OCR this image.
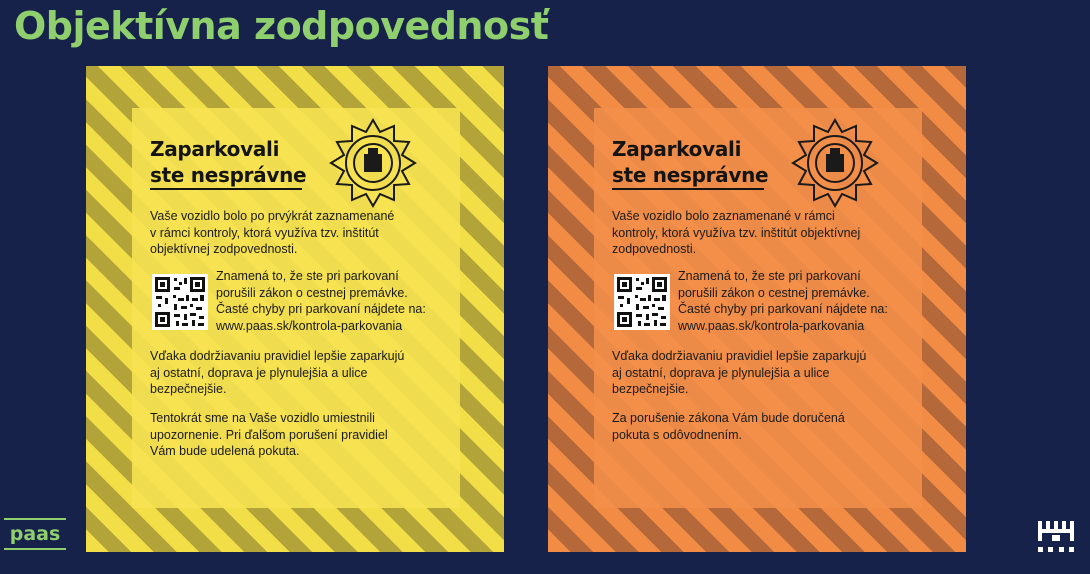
Objektívna zodpovednosť
Zaparkovali
ste nesprávne

Vaše vozidlo bolo po prvýkrát zaznamenané
v rámci kontroly, ktorá využíva tzv. inštitút
objektívnej zodpovednosti.

Znamená to, že ste pri parkovaní
porušili zákon o cestnej premávke.
Časté chyby pri parkovaní nájdete na:
www.paas.sk/kontrola-parkovania

Vďaka dodržiavaniu pravidiel lepšie zaparkujú
aj ostatní, doprava je plynulejšia a ulice
bezpečnejšie.

Tentokrát sme na Vaše vozidlo umiestnili
upozornenie. Pri ďalšom porušení pravidiel
Vám bude udelená pokuta.

Zaparkovali
ste nesprávne

Vaše vozidlo bolo zaznamenané v rámci
kontroly, ktorá využíva tzv. inštitút objektívnej
zodpovednosti.

Znamená to, že ste pri parkovaní
porušili zákon o cestnej premávke.
Časté chyby pri parkovaní nájdete na:
www.paas.sk/kontrola-parkovania

Vďaka dodržiavaniu pravidiel lepšie zaparkujú
aj ostatní, doprava je plynulejšia a ulice
bezpečnejšie.

Za porušenie zákona Vám bude doručená
pokuta s odôvodnením.

paas
